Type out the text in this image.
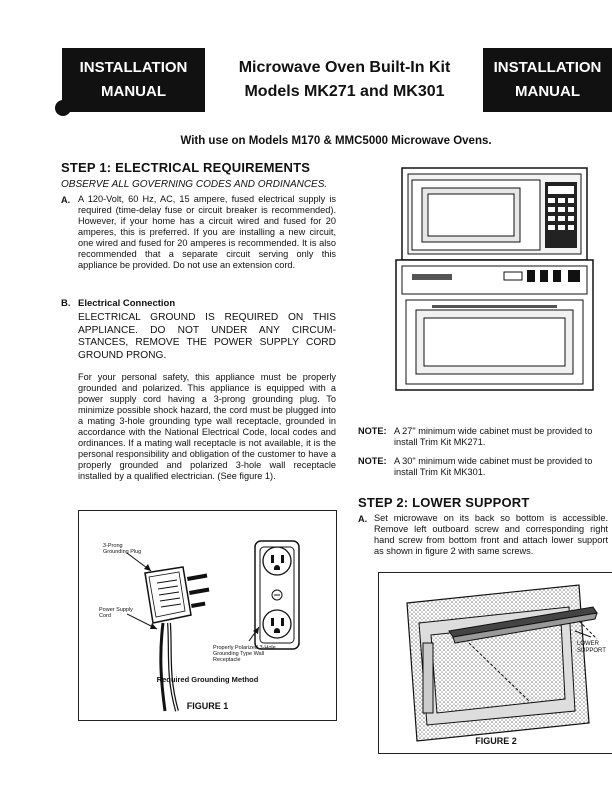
INSTALLATION
MANUAL
Microwave Oven Built-In Kit
Models MK271 and MK301
INSTALLATION
MANUAL
With use on Models M170 & MMC5000 Microwave Ovens.
STEP 1: ELECTRICAL REQUIREMENTS
OBSERVE ALL GOVERNING CODES AND ORDINANCES.
A. A 120-Volt, 60 Hz, AC, 15 ampere, fused electrical supply is required (time-delay fuse or circuit breaker is recommended). However, if your home has a circuit wired and fused for 20 amperes, this is preferred. If you are installing a new circuit, one wired and fused for 20 amperes is recommended. It is also recommended that a separate circuit serving only this appliance be provided. Do not use an extension cord.
B. Electrical Connection
ELECTRICAL GROUND IS REQUIRED ON THIS APPLIANCE. DO NOT UNDER ANY CIRCUM-STANCES, REMOVE THE POWER SUPPLY CORD GROUND PRONG.
For your personal safety, this appliance must be properly grounded and polarized. This appliance is equipped with a power supply cord having a 3-prong grounding plug. To minimize possible shock hazard, the cord must be plugged into a mating 3-hole grounding type wall receptacle, grounded in accordance with the National Electrical Code, local codes and ordinances. If a mating wall receptacle is not available, it is the personal responsibility and obligation of the customer to have a properly grounded and polarized 3-hole wall receptacle installed by a qualified electrician. (See figure 1).
3-Prong Grounding Plug
Power Supply Cord
Properly Polarized 3-Hole Grounding Type Wall Receptacle
Required Grounding Method
FIGURE 1
NOTE: A 27" minimum wide cabinet must be provided to install Trim Kit MK271.
NOTE: A 30" minimum wide cabinet must be provided to install Trim Kit MK301.
STEP 2: LOWER SUPPORT
A. Set microwave on its back so bottom is accessible. Remove left outboard screw and corresponding right hand screw from bottom front and attach lower support as shown in figure 2 with same screws.
LOWER SUPPORT
FIGURE 2
